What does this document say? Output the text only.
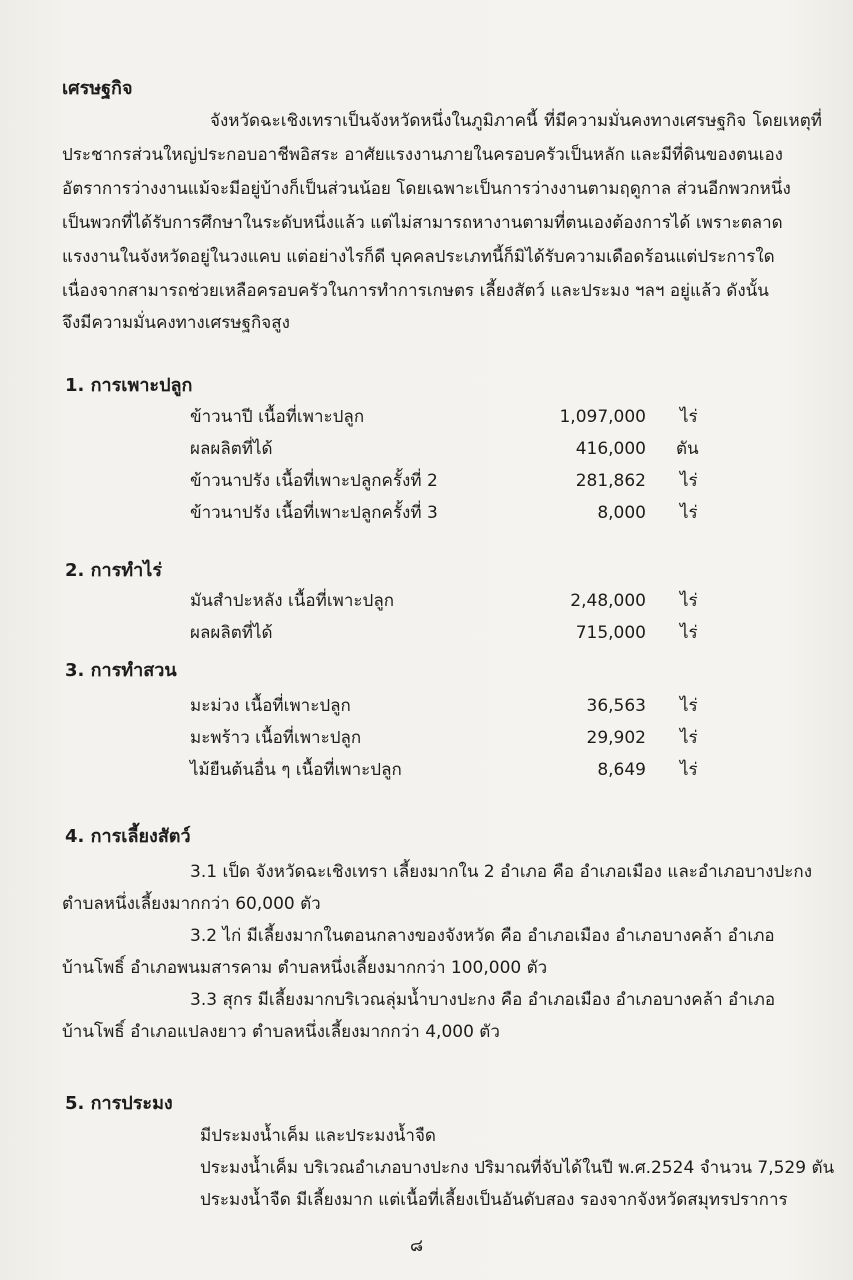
เศรษฐกิจ
จังหวัดฉะเชิงเทราเป็นจังหวัดหนึ่งในภูมิภาคนี้ ที่มีความมั่นคงทางเศรษฐกิจ โดยเหตุที่
ประชากรส่วนใหญ่ประกอบอาชีพอิสระ อาศัยแรงงานภายในครอบครัวเป็นหลัก และมีที่ดินของตนเอง
อัตราการว่างงานแม้จะมีอยู่บ้างก็เป็นส่วนน้อย โดยเฉพาะเป็นการว่างงานตามฤดูกาล ส่วนอีกพวกหนึ่ง
เป็นพวกที่ได้รับการศึกษาในระดับหนึ่งแล้ว แต่ไม่สามารถหางานตามที่ตนเองต้องการได้ เพราะตลาด
แรงงานในจังหวัดอยู่ในวงแคบ แต่อย่างไรก็ดี บุคคลประเภทนี้ก็มิได้รับความเดือดร้อนแต่ประการใด
เนื่องจากสามารถช่วยเหลือครอบครัวในการทำการเกษตร เลี้ยงสัตว์ และประมง ฯลฯ อยู่แล้ว ดังนั้น
จึงมีความมั่นคงทางเศรษฐกิจสูง
1. การเพาะปลูก
ข้าวนาปี เนื้อที่เพาะปลูก	1,097,000 ไร่
ผลผลิตที่ได้	416,000 ตัน
ข้าวนาปรัง เนื้อที่เพาะปลูกครั้งที่ 2	281,862 ไร่
ข้าวนาปรัง เนื้อที่เพาะปลูกครั้งที่ 3	8,000 ไร่
2. การทำไร่
มันสำปะหลัง เนื้อที่เพาะปลูก	2,48,000 ไร่
ผลผลิตที่ได้	715,000 ไร่
3. การทำสวน
มะม่วง เนื้อที่เพาะปลูก	36,563 ไร่
มะพร้าว เนื้อที่เพาะปลูก	29,902 ไร่
ไม้ยืนต้นอื่น ๆ เนื้อที่เพาะปลูก	8,649 ไร่
4. การเลี้ยงสัตว์
3.1 เป็ด จังหวัดฉะเชิงเทรา เลี้ยงมากใน 2 อำเภอ คือ อำเภอเมือง และอำเภอบางปะกง
ตำบลหนึ่งเลี้ยงมากกว่า 60,000 ตัว
3.2 ไก่ มีเลี้ยงมากในตอนกลางของจังหวัด คือ อำเภอเมือง อำเภอบางคล้า อำเภอ
บ้านโพธิ์ อำเภอพนมสารคาม ตำบลหนึ่งเลี้ยงมากกว่า 100,000 ตัว
3.3 สุกร มีเลี้ยงมากบริเวณลุ่มน้ำบางปะกง คือ อำเภอเมือง อำเภอบางคล้า อำเภอ
บ้านโพธิ์ อำเภอแปลงยาว ตำบลหนึ่งเลี้ยงมากกว่า 4,000 ตัว
5. การประมง
มีประมงน้ำเค็ม และประมงน้ำจืด
ประมงน้ำเค็ม บริเวณอำเภอบางปะกง ปริมาณที่จับได้ในปี พ.ศ.2524 จำนวน 7,529 ตัน
ประมงน้ำจืด มีเลี้ยงมาก แต่เนื้อที่เลี้ยงเป็นอันดับสอง รองจากจังหวัดสมุทรปราการ
๘
